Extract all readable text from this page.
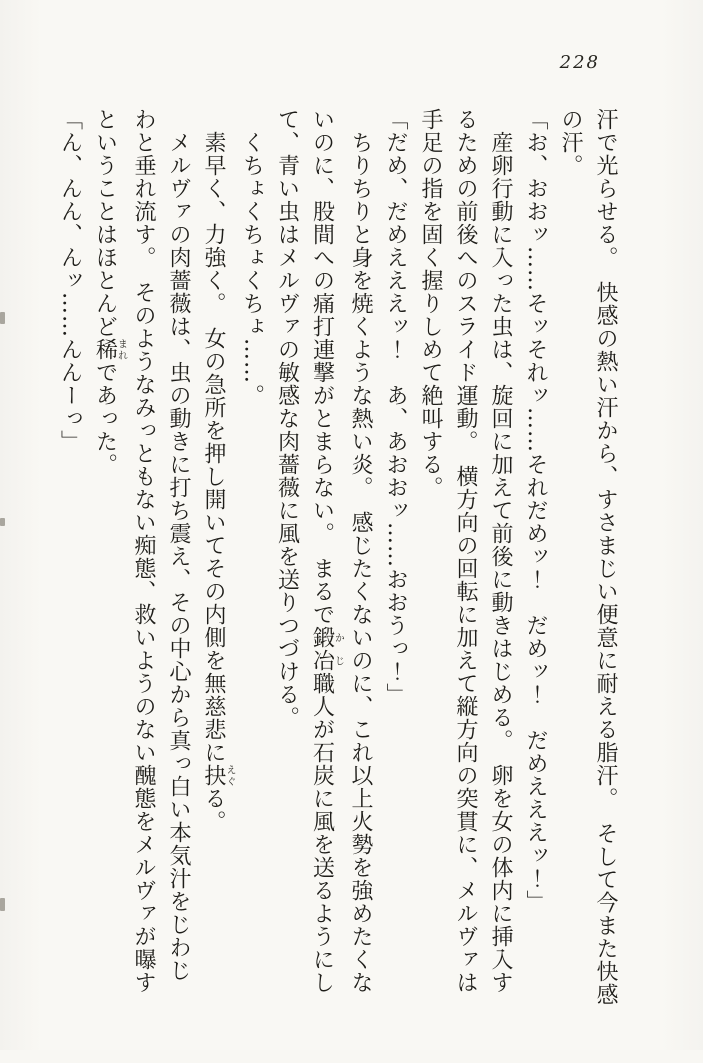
228
汗で光らせる。　快感の熱い汗から、すさまじい便意に耐える脂汗。　そして今また快感
の汗。
「お、おおッ……そッそれッ……それだめッ！　だめッ！　だめえええッ！」
産卵行動に入った虫は、旋回に加えて前後に動きはじめる。　卵を女の体内に挿入す
るための前後へのスライド運動。　横方向の回転に加えて縦方向の突貫に、メルヴァは
手足の指を固く握りしめて絶叫する。
「だめ、だめえええッ！　あ、あおおッ……おおうっ！」
ちりちりと身を焼くような熱い炎。　感じたくないのに、これ以上火勢を強めたくな
いのに、股間への痛打連撃がとまらない。　まるで鍛冶かじ職人が石炭に風を送るようにし
て、青い虫はメルヴァの敏感な肉薔薇に風を送りつづける。
くちょくちょくちょ……。
素早く、力強く。　女の急所を押し開いてその内側を無慈悲に抉えぐる。
メルヴァの肉薔薇は、虫の動きに打ち震え、その中心から真っ白い本気汁をじわじ
わと垂れ流す。　そのようなみっともない痴態、救いようのない醜態をメルヴァが曝す
ということはほとんど稀まれであった。
「ん、んん、んッ……んんーっ」
